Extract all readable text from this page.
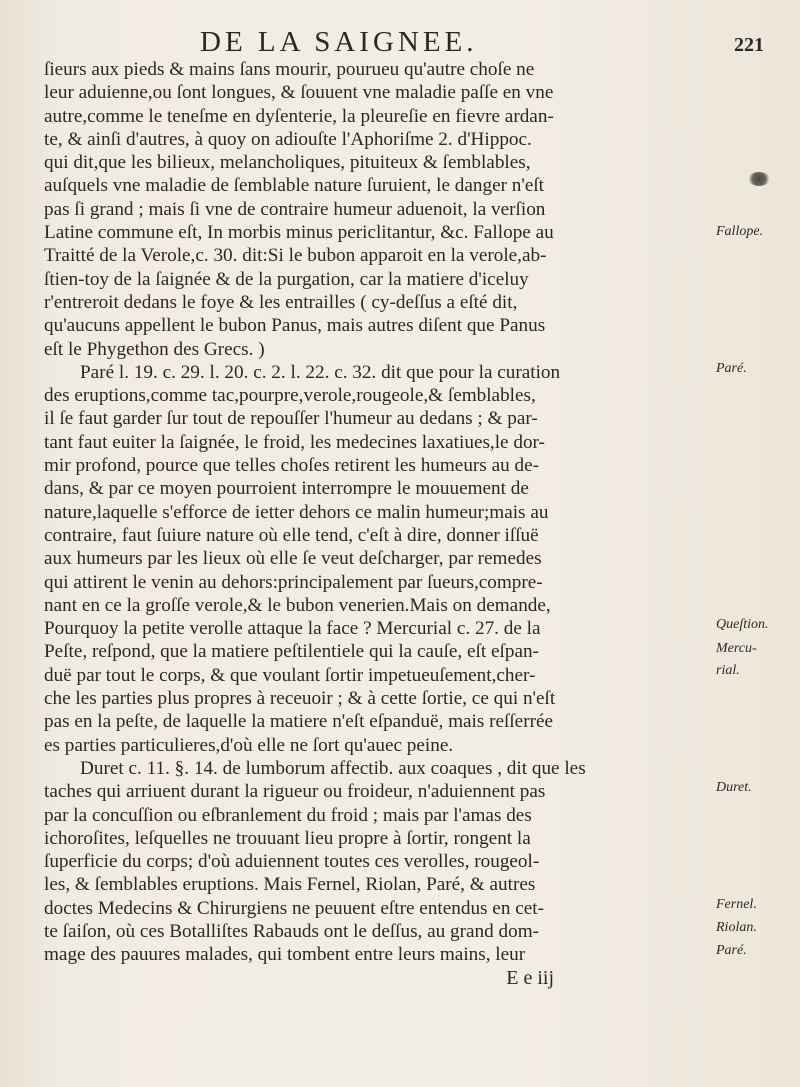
DE LA SAIGNEE.	221
ſieurs aux pieds & mains ſans mourir, pourueu qu'autre choſe ne
leur aduienne,ou ſont longues, & ſouuent vne maladie paſſe en vne
autre,comme le teneſme en dyſenterie, la pleureſie en fievre ardan-
te, & ainſi d'autres, à quoy on adiouſte l'Aphoriſme 2. d'Hippoc.
qui dit,que les bilieux, melancholiques, pituiteux & ſemblables,
auſquels vne maladie de ſemblable nature ſuruient, le danger n'eſt
pas ſi grand ; mais ſi vne de contraire humeur aduenoit, la verſion
Latine commune eſt, In morbis minus periclitantur, &c. Fallope au
Traitté de la Verole,c. 30. dit:Si le bubon apparoit en la verole,ab-
ſtien-toy de la ſaignée & de la purgation, car la matiere d'iceluy
r'entreroit dedans le foye & les entrailles ( cy-deſſus a eſté dit,
qu'aucuns appellent le bubon Panus, mais autres diſent que Panus
eſt le Phygethon des Grecs. )
Paré l. 19. c. 29. l. 20. c. 2. l. 22. c. 32. dit que pour la curation
des eruptions,comme tac,pourpre,verole,rougeole,& ſemblables,
il ſe faut garder ſur tout de repouſſer l'humeur au dedans ; & par-
tant faut euiter la ſaignée, le froid, les medecines laxatiues,le dor-
mir profond, pource que telles choſes retirent les humeurs au de-
dans, & par ce moyen pourroient interrompre le mouuement de
nature,laquelle s'efforce de ietter dehors ce malin humeur;mais au
contraire, faut ſuiure nature où elle tend, c'eſt à dire, donner iſſuë
aux humeurs par les lieux où elle ſe veut deſcharger, par remedes
qui attirent le venin au dehors:principalement par ſueurs,compre-
nant en ce la groſſe verole,& le bubon venerien.Mais on demande,
Pourquoy la petite verolle attaque la face ? Mercurial c. 27. de la
Peſte, reſpond, que la matiere peſtilentiele qui la cauſe, eſt eſpan-
duë par tout le corps, & que voulant ſortir impetueuſement,cher-
che les parties plus propres à receuoir ; & à cette ſortie, ce qui n'eſt
pas en la peſte, de laquelle la matiere n'eſt eſpanduë, mais reſſerrée
es parties particulieres,d'où elle ne ſort qu'auec peine.
Duret c. 11. §. 14. de lumborum affectib. aux coaques , dit que les
taches qui arriuent durant la rigueur ou froideur, n'aduiennent pas
par la concuſſion ou eſbranlement du froid ; mais par l'amas des
ichoroſites, leſquelles ne trouuant lieu propre à ſortir, rongent la
ſuperficie du corps; d'où aduiennent toutes ces verolles, rougeol-
les, & ſemblables eruptions. Mais Fernel, Riolan, Paré, & autres
doctes Medecins & Chirurgiens ne peuuent eſtre entendus en cet-
te ſaiſon, où ces Botalliſtes Rabauds ont le deſſus, au grand dom-
mage des pauures malades, qui tombent entre leurs mains, leur
E e iij
Fallope.
Paré.
Queſtion.
Mercu-
rial.
Duret.
Fernel.
Riolan.
Paré.
